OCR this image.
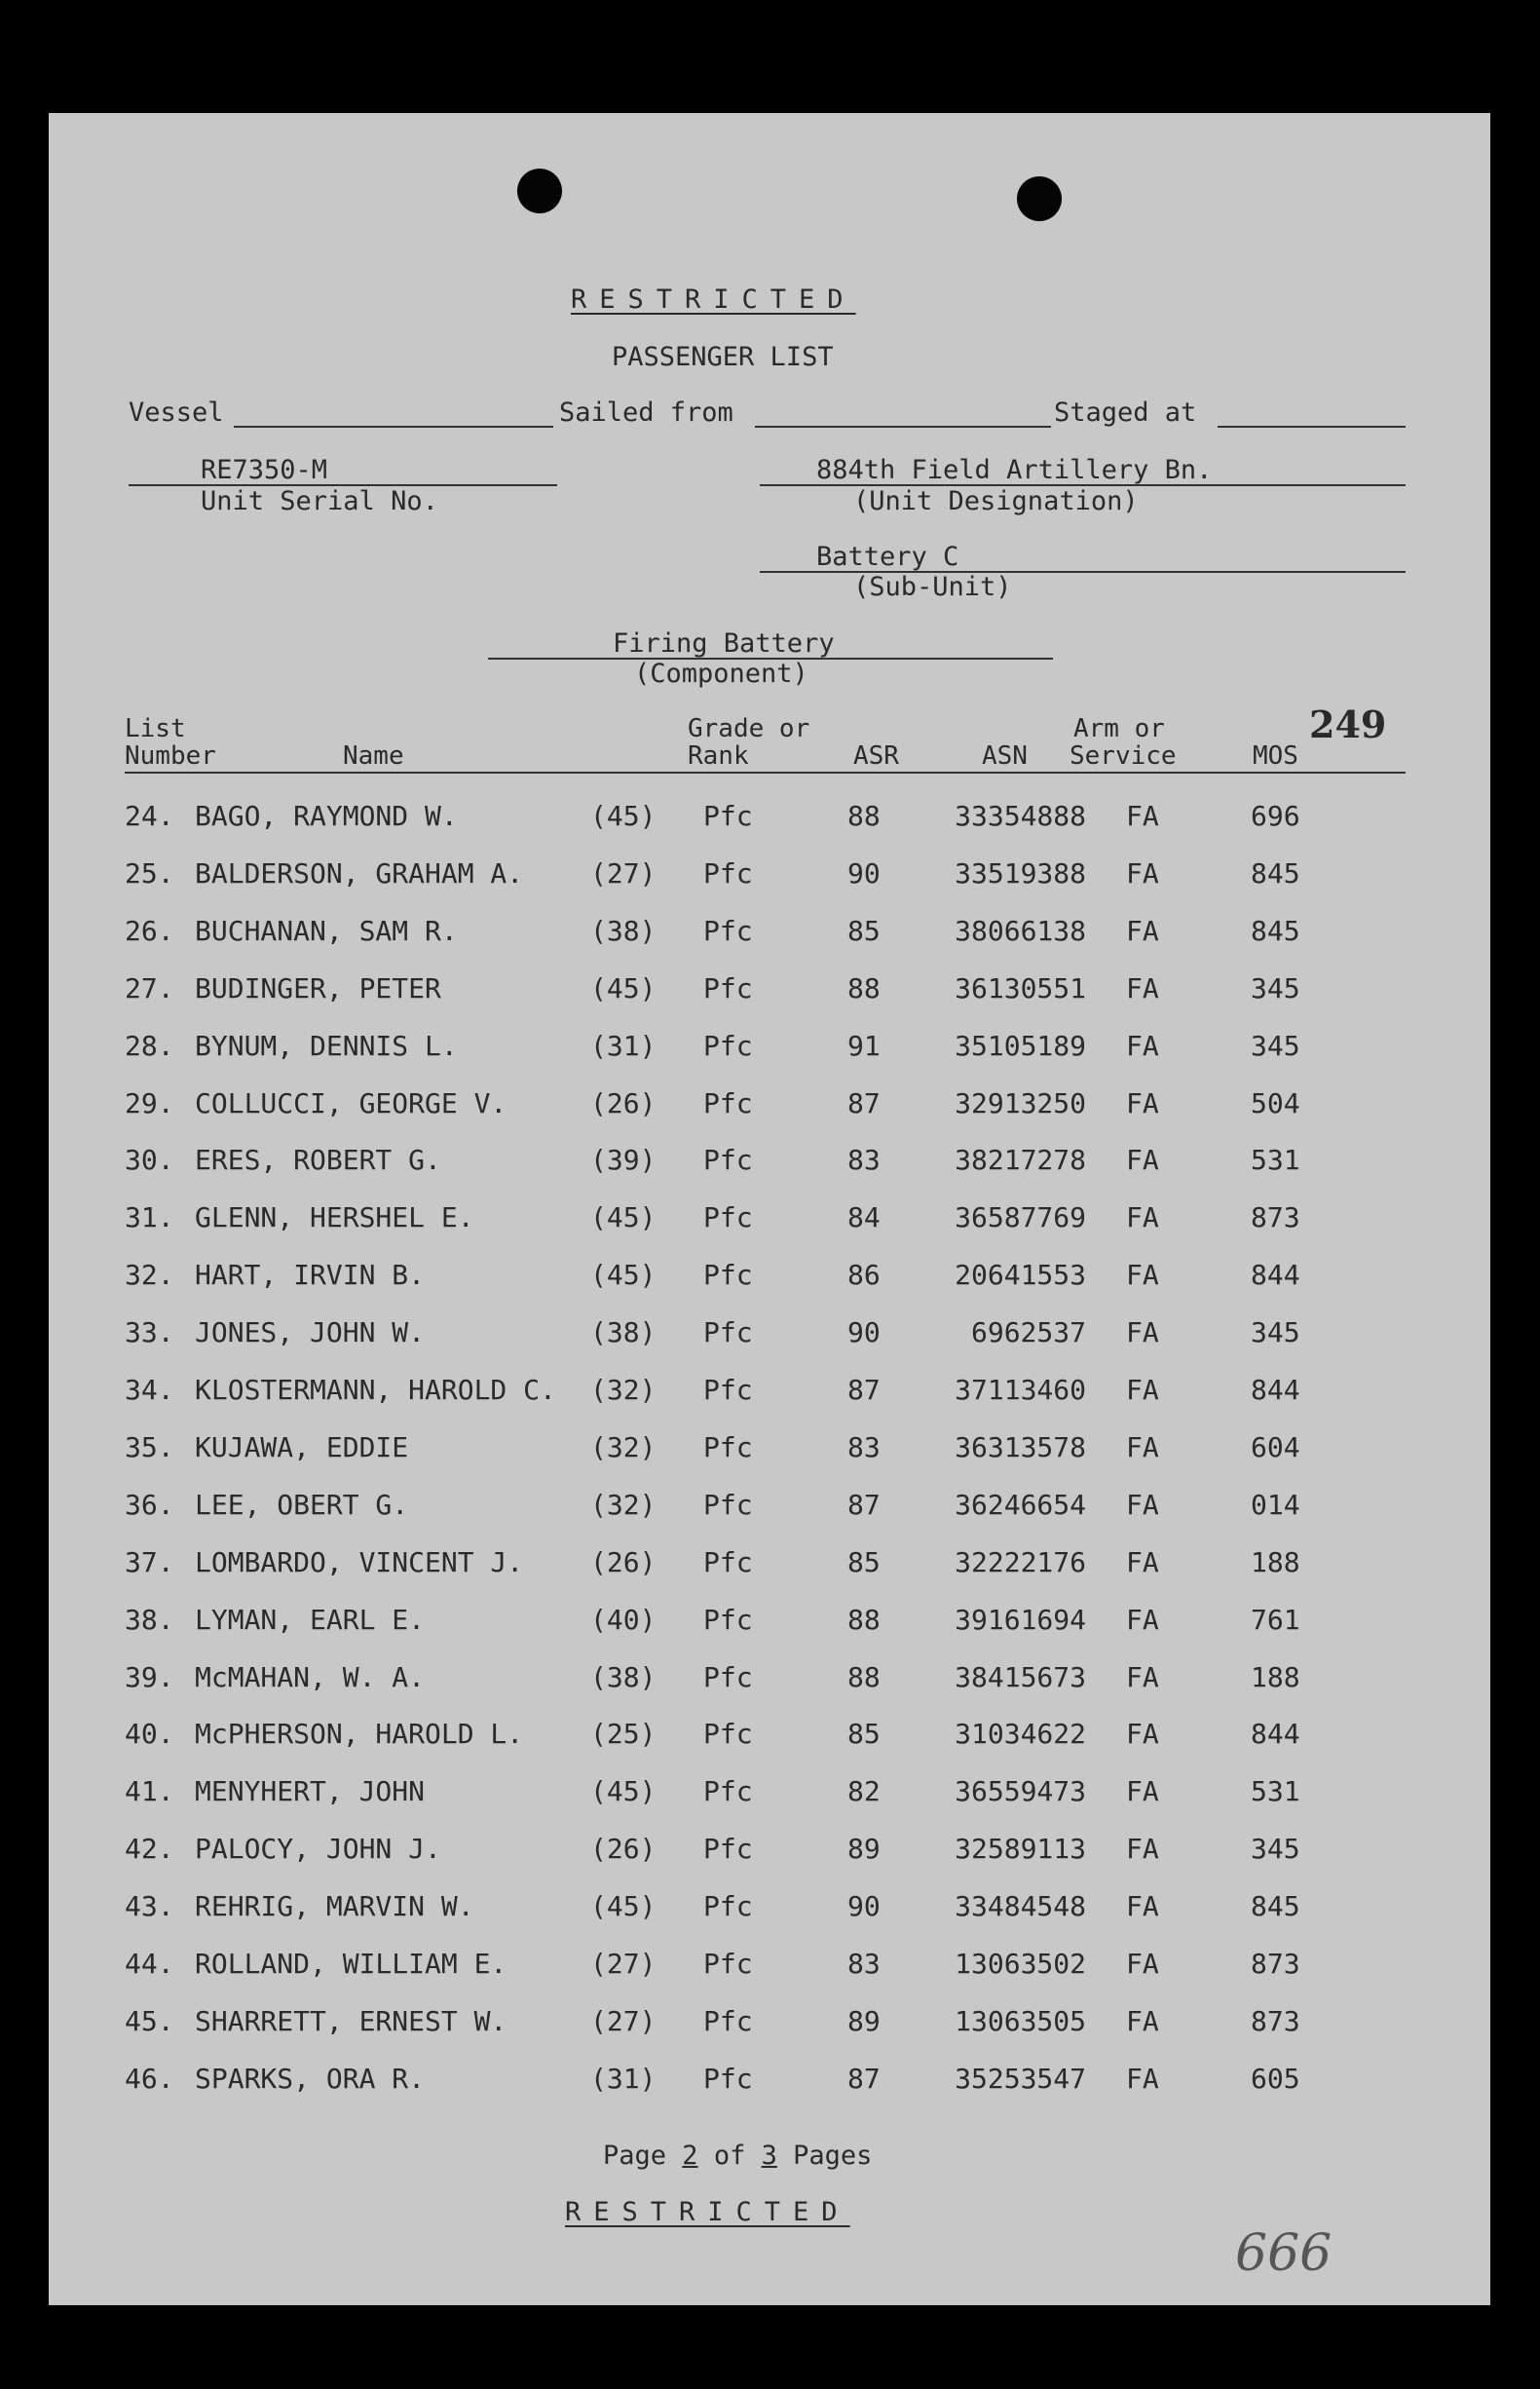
RESTRICTED
PASSENGER LIST
Vessel	Sailed from	Staged at
RE7350-M
Unit Serial No.
884th Field Artillery Bn.
(Unit Designation)
Battery C
(Sub-Unit)
Firing Battery
(Component)
List
Number	Name
Grade or
Rank	ASR	ASN
Arm or
Service	MOS
249
24. BAGO, RAYMOND W.	(45) Pfc	88	33354888 FA	696
25. BALDERSON, GRAHAM A. (27) Pfc	90	33519388 FA	845
26. BUCHANAN, SAM R.	(38) Pfc	85	38066138 FA	845
27. BUDINGER, PETER	(45) Pfc	88	36130551 FA	345
28. BYNUM, DENNIS L.	(31) Pfc	91	35105189 FA	345
29. COLLUCCI, GEORGE V.	(26) Pfc	87	32913250 FA	504
30. ERES, ROBERT G.	(39) Pfc	83	38217278 FA	531
31. GLENN, HERSHEL E.	(45) Pfc	84	36587769 FA	873
32. HART, IRVIN B.	(45) Pfc	86	20641553 FA	844
33. JONES, JOHN W.	(38) Pfc	90	6962537 FA	345
34. KLOSTERMANN, HAROLD C. (32) Pfc	87	37113460 FA	844
35. KUJAWA, EDDIE	(32) Pfc	83	36313578 FA	604
36. LEE, OBERT G.	(32) Pfc	87	36246654 FA	014
37. LOMBARDO, VINCENT J. (26) Pfc	85	32222176 FA	188
38. LYMAN, EARL E.	(40) Pfc	88	39161694 FA	761
39. McMAHAN, W. A.	(38) Pfc	88	38415673 FA	188
40. McPHERSON, HAROLD L. (25) Pfc	85	31034622 FA	844
41. MENYHERT, JOHN	(45) Pfc	82	36559473 FA	531
42. PALOCY, JOHN J.	(26) Pfc	89	32589113 FA	345
43. REHRIG, MARVIN W.	(45) Pfc	90	33484548 FA	845
44. ROLLAND, WILLIAM E.	(27) Pfc	83	13063502 FA	873
45. SHARRETT, ERNEST W.	(27) Pfc	89	13063505 FA	873
46. SPARKS, ORA R.	(31) Pfc	87	35253547 FA	605
Page 2 of 3 Pages
RESTRICTED
666
